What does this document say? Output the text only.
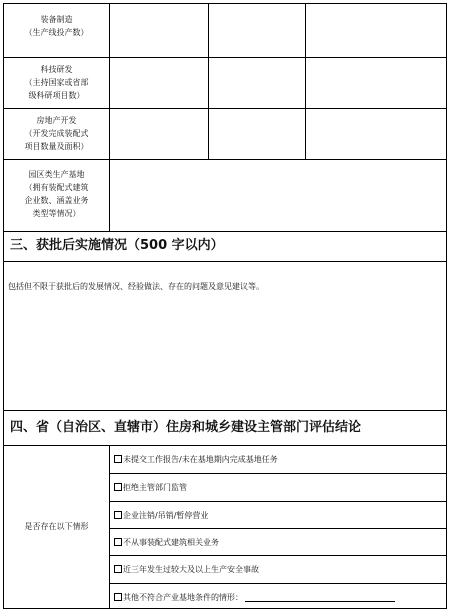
装备制造
（生产线投产数）
科技研发
（主持国家或省部
级科研项目数）
房地产开发
（开发完成装配式
项目数量及面积）
园区类生产基地
（拥有装配式建筑
企业数、涵盖业务
类型等情况）
三、获批后实施情况（500 字以内）
包括但不限于获批后的发展情况、经验做法、存在的问题及意见建议等。
四、省（自治区、直辖市）住房和城乡建设主管部门评估结论
是否存在以下情形
未提交工作报告/未在基地期内完成基地任务
拒绝主管部门监管
企业注销/吊销/暂停营业
不从事装配式建筑相关业务
近三年发生过较大及以上生产安全事故
其他不符合产业基地条件的情形：
